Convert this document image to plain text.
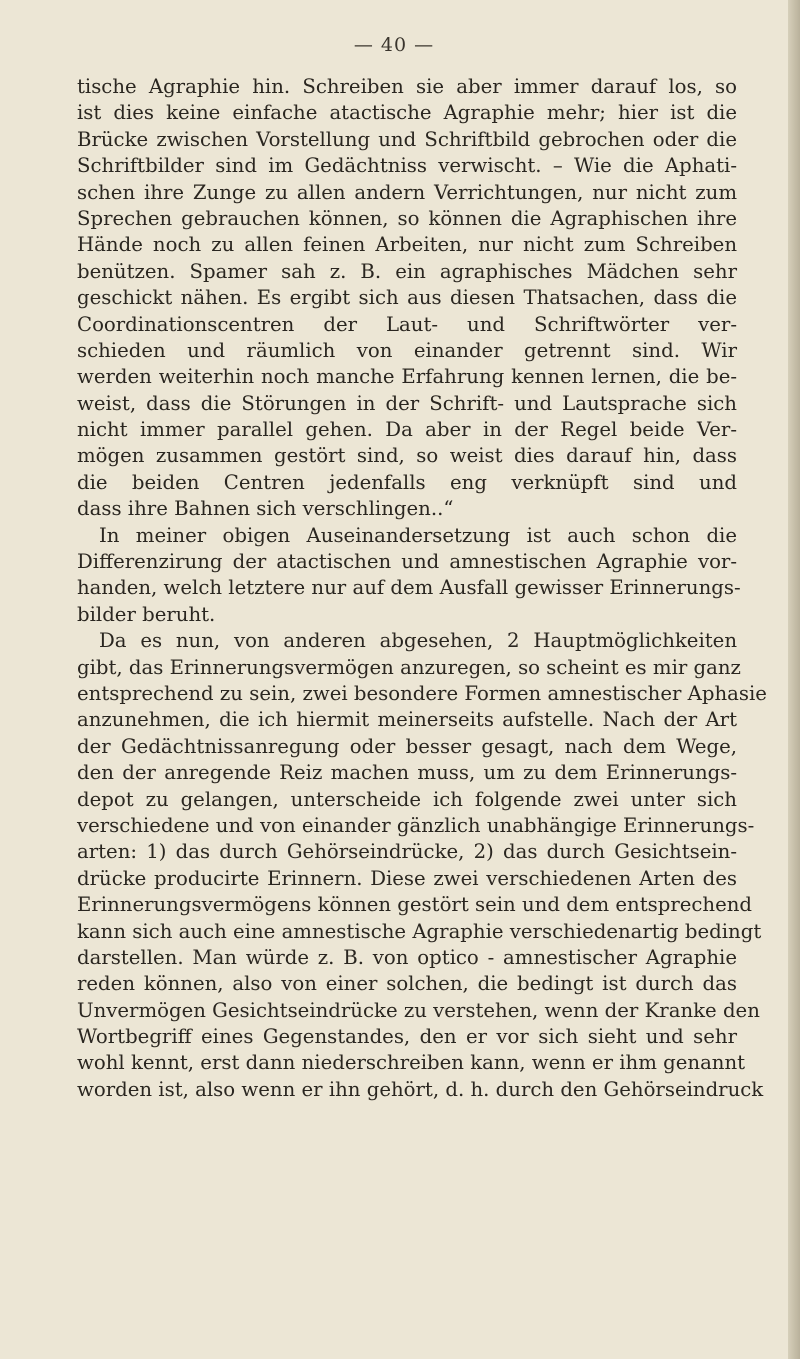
— 40 —
tische Agraphie hin. Schreiben sie aber immer darauf los, so
ist dies keine einfache atactische Agraphie mehr; hier ist die
Brücke zwischen Vorstellung und Schriftbild gebrochen oder die
Schriftbilder sind im Gedächtniss verwischt. – Wie die Aphati-
schen ihre Zunge zu allen andern Verrichtungen, nur nicht zum
Sprechen gebrauchen können, so können die Agraphischen ihre
Hände noch zu allen feinen Arbeiten, nur nicht zum Schreiben
benützen. Spamer sah z. B. ein agraphisches Mädchen sehr
geschickt nähen. Es ergibt sich aus diesen Thatsachen, dass die
Coordinationscentren der Laut- und Schriftwörter ver-
schieden und räumlich von einander getrennt sind. Wir
werden weiterhin noch manche Erfahrung kennen lernen, die be-
weist, dass die Störungen in der Schrift- und Lautsprache sich
nicht immer parallel gehen. Da aber in der Regel beide Ver-
mögen zusammen gestört sind, so weist dies darauf hin, dass
die beiden Centren jedenfalls eng verknüpft sind und
dass ihre Bahnen sich verschlingen..“
In meiner obigen Auseinandersetzung ist auch schon die
Differenzirung der atactischen und amnestischen Agraphie vor-
handen, welch letztere nur auf dem Ausfall gewisser Erinnerungs-
bilder beruht.
Da es nun, von anderen abgesehen, 2 Hauptmöglichkeiten
gibt, das Erinnerungsvermögen anzuregen, so scheint es mir ganz
entsprechend zu sein, zwei besondere Formen amnestischer Aphasie
anzunehmen, die ich hiermit meinerseits aufstelle. Nach der Art
der Gedächtnissanregung oder besser gesagt, nach dem Wege,
den der anregende Reiz machen muss, um zu dem Erinnerungs-
depot zu gelangen, unterscheide ich folgende zwei unter sich
verschiedene und von einander gänzlich unabhängige Erinnerungs-
arten: 1) das durch Gehörseindrücke, 2) das durch Gesichtsein-
drücke producirte Erinnern. Diese zwei verschiedenen Arten des
Erinnerungsvermögens können gestört sein und dem entsprechend
kann sich auch eine amnestische Agraphie verschiedenartig bedingt
darstellen. Man würde z. B. von optico - amnestischer Agraphie
reden können, also von einer solchen, die bedingt ist durch das
Unvermögen Gesichtseindrücke zu verstehen, wenn der Kranke den
Wortbegriff eines Gegenstandes, den er vor sich sieht und sehr
wohl kennt, erst dann niederschreiben kann, wenn er ihm genannt
worden ist, also wenn er ihn gehört, d. h. durch den Gehörseindruck
